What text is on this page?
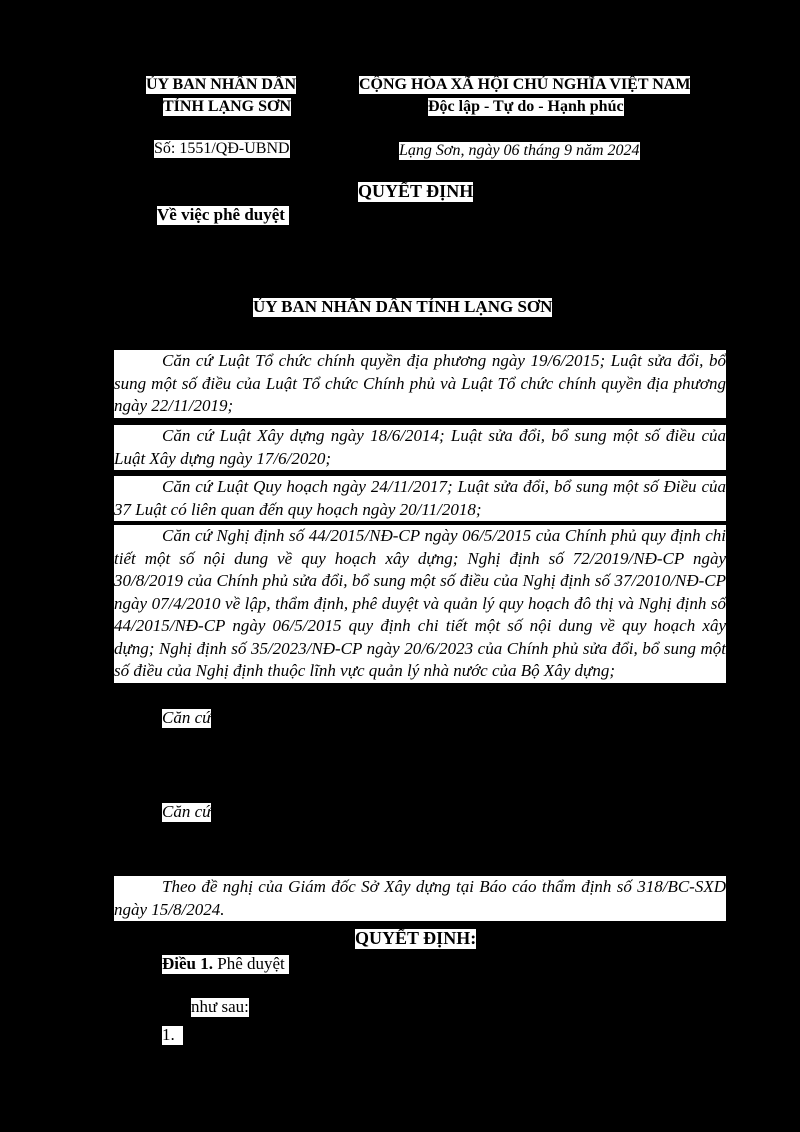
ỦY BAN NHÂN DÂN
TỈNH LẠNG SƠN
CỘNG HÒA XÃ HỘI CHỦ NGHĨA VIỆT NAM
Độc lập - Tự do - Hạnh phúc
Số: 1551/QĐ-UBND	Lạng Sơn, ngày 06 tháng 9 năm 2024
QUYẾT ĐỊNH
Về việc phê duyệt
ỦY BAN NHÂN DÂN TỈNH LẠNG SƠN
Căn cứ Luật Tổ chức chính quyền địa phương ngày 19/6/2015; Luật sửa đổi, bổ sung một số điều của Luật Tổ chức Chính phủ và Luật Tổ chức chính quyền địa phương ngày 22/11/2019;
Căn cứ Luật Xây dựng ngày 18/6/2014; Luật sửa đổi, bổ sung một số điều của Luật Xây dựng ngày 17/6/2020;
Căn cứ Luật Quy hoạch ngày 24/11/2017; Luật sửa đổi, bổ sung một số Điều của 37 Luật có liên quan đến quy hoạch ngày 20/11/2018;
Căn cứ Nghị định số 44/2015/NĐ-CP ngày 06/5/2015 của Chính phủ quy định chi tiết một số nội dung về quy hoạch xây dựng; Nghị định số 72/2019/NĐ-CP ngày 30/8/2019 của Chính phủ sửa đổi, bổ sung một số điều của Nghị định số 37/2010/NĐ-CP ngày 07/4/2010 về lập, thẩm định, phê duyệt và quản lý quy hoạch đô thị và Nghị định số 44/2015/NĐ-CP ngày 06/5/2015 quy định chi tiết một số nội dung về quy hoạch xây dựng; Nghị định số 35/2023/NĐ-CP ngày 20/6/2023 của Chính phủ sửa đổi, bổ sung một số điều của Nghị định thuộc lĩnh vực quản lý nhà nước của Bộ Xây dựng;
Căn cứ
Căn cứ
Theo đề nghị của Giám đốc Sở Xây dựng tại Báo cáo thẩm định số 318/BC-SXD ngày 15/8/2024.
QUYẾT ĐỊNH:
Điều 1. Phê duyệt
như sau:
1.
